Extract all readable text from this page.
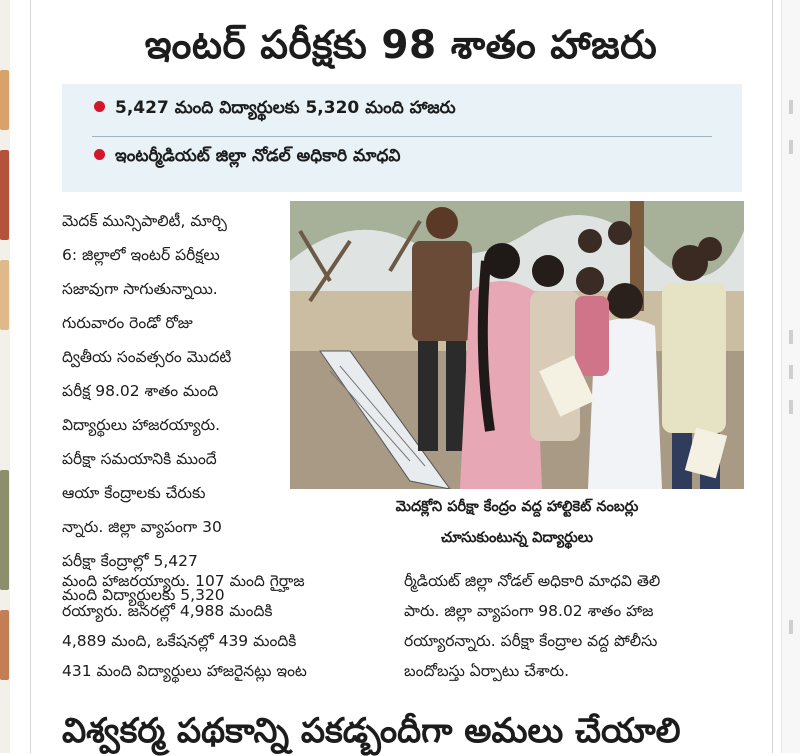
ఇంటర్ పరీక్షకు 98 శాతం హాజరు
5,427 మంది విద్యార్థులకు 5,320 మంది హాజరు
ఇంటర్మీడియట్ జిల్లా నోడల్ అధికారి మాధవి

మెదక్ మున్సిపాలిటీ, మార్చి

6: జిల్లాలో ఇంటర్ పరీక్షలు

సజావుగా సాగుతున్నాయి.

గురువారం రెండో రోజు

ద్వితీయ సంవత్సరం మొదటి

పరీక్ష 98.02 శాతం మంది

విద్యార్థులు హాజరయ్యారు.

పరీక్షా సమయానికి ముందే

ఆయా కేంద్రాలకు చేరుకు

న్నారు. జిల్లా వ్యాపంగా 30

పరీక్షా కేంద్రాల్లో 5,427

మంది విద్యార్థులకు 5,320

మెదక్లోని పరీక్షా కేంద్రం వద్ద హాల్టికెట్ నంబర్లు
చూసుకుంటున్న విద్యార్థులు

మంది హాజరయ్యారు. 107 మంది గైర్హాజ

రయ్యారు. జనరల్లో 4,988 మందికి

4,889 మంది, ఒకేషనల్లో 439 మందికి

431 మంది విద్యార్థులు హాజరైనట్లు ఇంట

ర్మీడియట్ జిల్లా నోడల్ అధికారి మాధవి తెలి

పారు. జిల్లా వ్యాపంగా 98.02 శాతం హాజ

రయ్యారన్నారు. పరీక్షా కేంద్రాల వద్ద పోలీసు

బందోబస్తు ఏర్పాటు చేశారు.

విశ్వకర్మ పథకాన్ని పకడ్బందీగా అమలు చేయాలి
